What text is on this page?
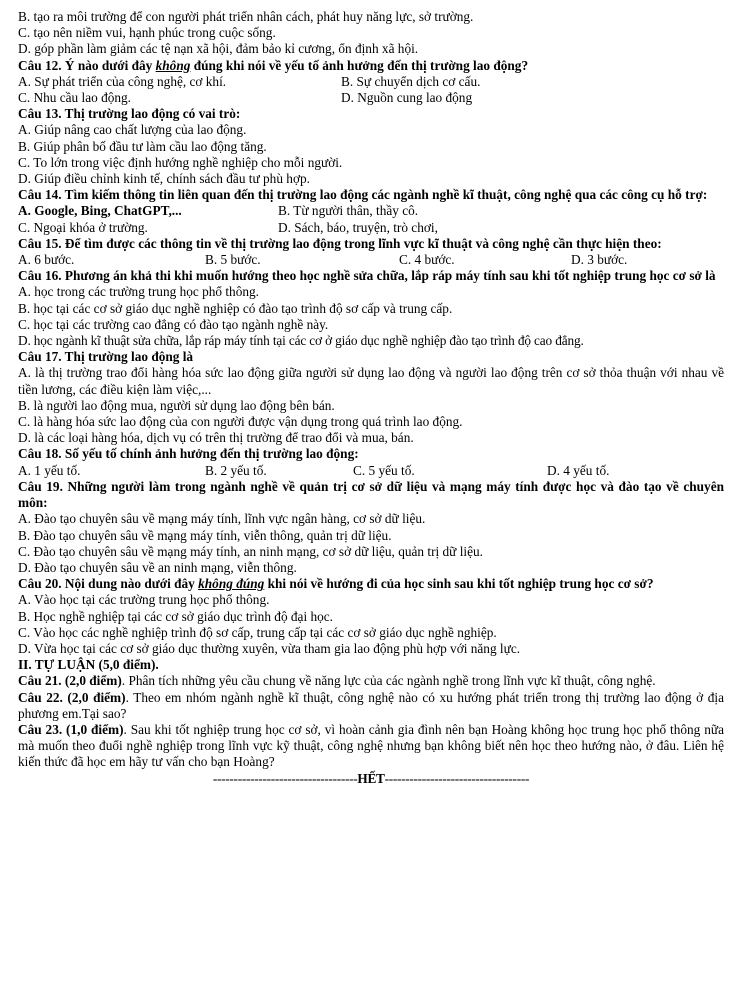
B. tạo ra môi trường để con người phát triển nhân cách, phát huy năng lực, sở trường.
C. tạo nên niềm vui, hạnh phúc trong cuộc sống.
D. góp phần làm giảm các tệ nạn xã hội, đảm bảo kỉ cương, ổn định xã hội.
Câu 12. Ý nào dưới đây không đúng khi nói về yếu tố ảnh hưởng đến thị trường lao động?
A. Sự phát triển của công nghệ, cơ khí.	B. Sự chuyển dịch cơ cấu.
C. Nhu cầu lao động.	D. Nguồn cung lao động
Câu 13. Thị trường lao động có vai trò:
A. Giúp nâng cao chất lượng của lao động.
B. Giúp phân bố đầu tư làm cầu lao động tăng.
C. To lớn trong việc định hướng nghề nghiệp cho mỗi người.
D. Giúp điều chỉnh kinh tế, chính sách đầu tư phù hợp.
Câu 14. Tìm kiếm thông tin liên quan đến thị trường lao động các ngành nghề kĩ thuật, công nghệ qua các công cụ hỗ trợ:
A. Google, Bing, ChatGPT,...	B. Từ người thân, thầy cô.
C. Ngoại khóa ở trường.	D. Sách, báo, truyện, trò chơi,
Câu 15. Để tìm được các thông tin về thị trường lao động trong lĩnh vực kĩ thuật và công nghệ cần thực hiện theo:
A. 6 bước.	B. 5 bước.	C. 4 bước.	D. 3 bước.
Câu 16. Phương án khả thi khi muốn hướng theo học nghề sửa chữa, lắp ráp máy tính sau khi tốt nghiệp trung học cơ sở là
A. học trong các trường trung học phổ thông.
B. học tại các cơ sở giáo dục nghề nghiệp có đào tạo trình độ sơ cấp và trung cấp.
C. học tại các trường cao đẳng có đào tạo ngành nghề này.
D. học ngành kĩ thuật sửa chữa, lắp ráp máy tính tại các cơ ở giáo dục nghề nghiệp đào tạo trình độ cao đẳng.
Câu 17. Thị trường lao động là
A. là thị trường trao đổi hàng hóa sức lao động giữa người sử dụng lao động và người lao động trên cơ sở thỏa thuận với nhau về tiền lương, các điều kiện làm việc,...
B. là người lao động mua, người sử dụng lao động bên bán.
C. là hàng hóa sức lao động của con người được vận dụng trong quá trình lao động.
D. là các loại hàng hóa, dịch vụ có trên thị trường để trao đổi và mua, bán.
Câu 18. Số yếu tố chính ảnh hưởng đến thị trường lao động:
A. 1 yếu tố.	B. 2 yếu tố.	C. 5 yếu tố.	D. 4 yếu tố.
Câu 19. Những người làm trong ngành nghề về quản trị cơ sở dữ liệu và mạng máy tính được học và đào tạo về chuyên môn:
A. Đào tạo chuyên sâu về mạng máy tính, lĩnh vực ngân hàng, cơ sở dữ liệu.
B. Đào tạo chuyên sâu về mạng máy tính, viễn thông, quản trị dữ liệu.
C. Đào tạo chuyên sâu về mạng máy tính, an ninh mạng, cơ sở dữ liệu, quản trị dữ liệu.
D. Đào tạo chuyên sâu về an ninh mạng, viễn thông.
Câu 20. Nội dung nào dưới đây không đúng khi nói về hướng đi của học sinh sau khi tốt nghiệp trung học cơ sở?
A. Vào học tại các trường trung học phổ thông.
B. Học nghề nghiệp tại các cơ sở giáo dục trình độ đại học.
C. Vào học các nghề nghiệp trình độ sơ cấp, trung cấp tại các cơ sở giáo dục nghề nghiệp.
D. Vừa học tại các cơ sở giáo dục thường xuyên, vừa tham gia lao động phù hợp với năng lực.
II. TỰ LUẬN (5,0 điểm).
Câu 21. (2,0 điểm). Phân tích những yêu cầu chung về năng lực của các ngành nghề trong lĩnh vực kĩ thuật, công nghệ.
Câu 22. (2,0 điểm). Theo em nhóm ngành nghề kĩ thuật, công nghệ nào có xu hướng phát triển trong thị trường lao động ở địa phương em.Tại sao?
Câu 23. (1,0 điểm). Sau khi tốt nghiệp trung học cơ sở, vì hoàn cảnh gia đình nên bạn Hoàng không học trung học phổ thông nữa mà muốn theo đuổi nghề nghiệp trong lĩnh vực kỹ thuật, công nghệ nhưng bạn không biết nên học theo hướng nào, ở đâu. Liên hệ kiến thức đã học em hãy tư vấn cho bạn Hoàng?
-----------------------------------HẾT-----------------------------------
